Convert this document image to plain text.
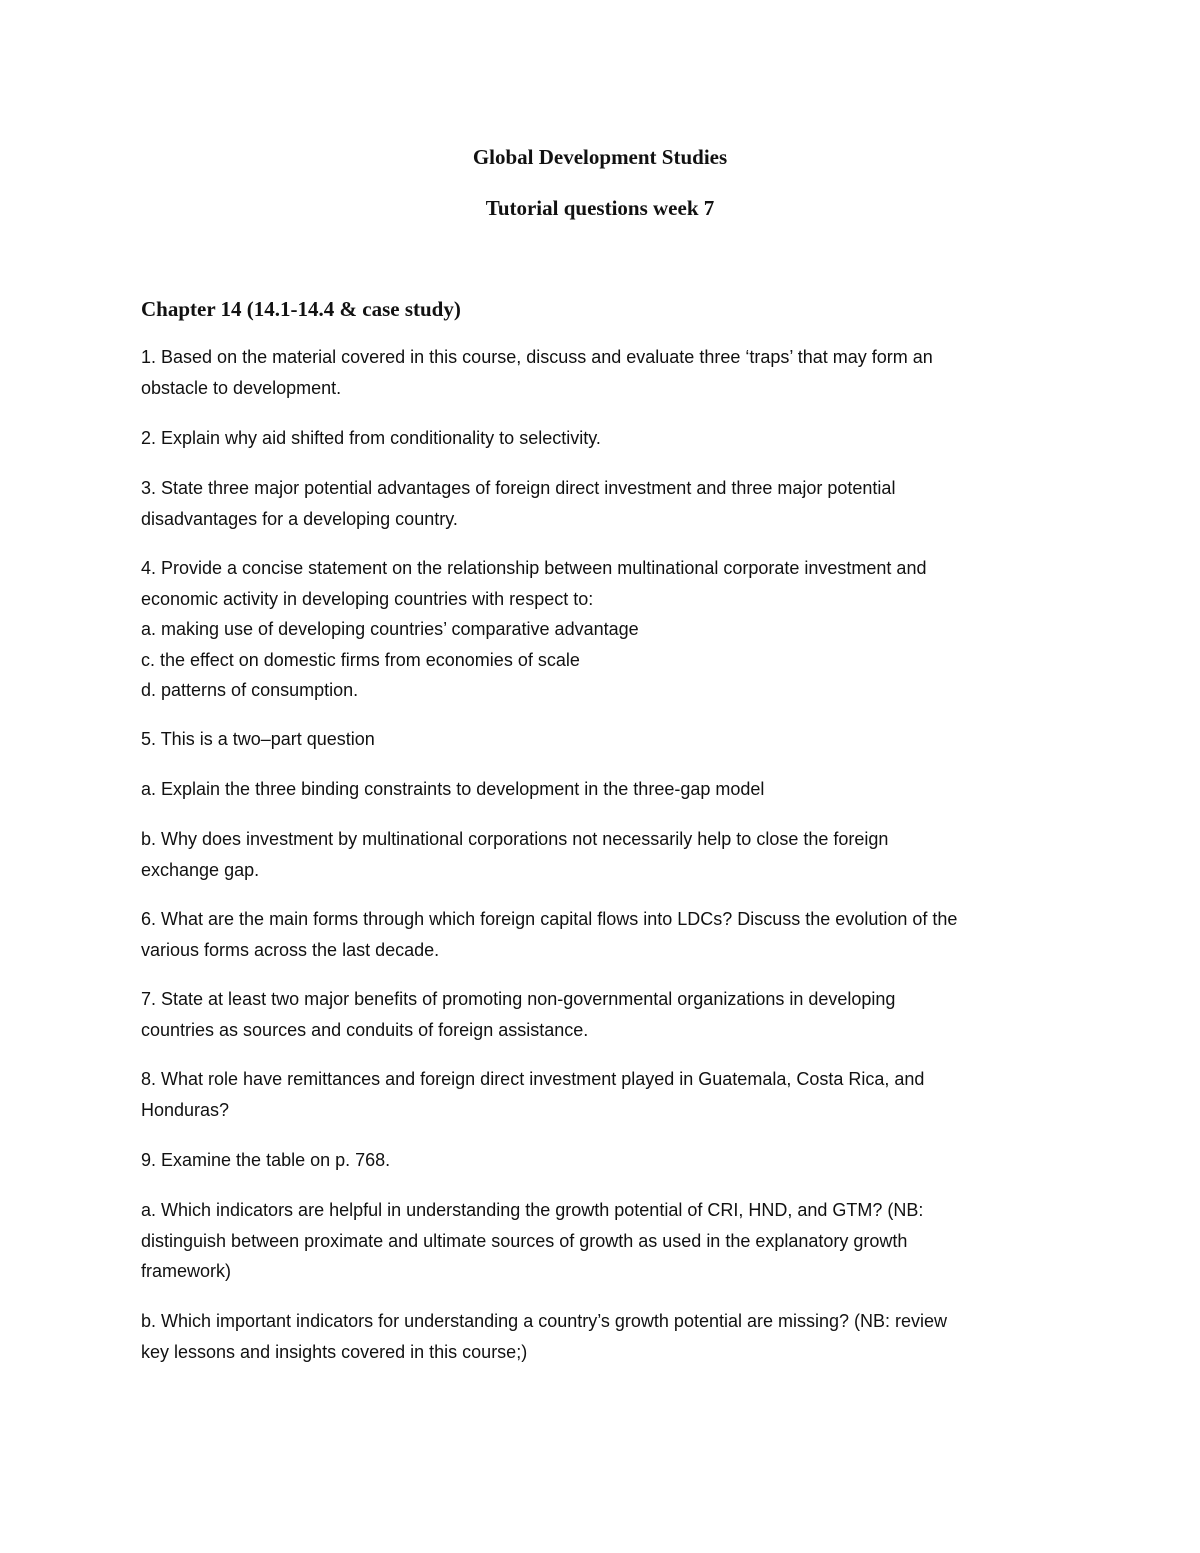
Global Development Studies
Tutorial questions week 7
Chapter 14 (14.1-14.4 & case study)
1. Based on the material covered in this course, discuss and evaluate three ‘traps’ that may form an
obstacle to development.
2. Explain why aid shifted from conditionality to selectivity.
3. State three major potential advantages of foreign direct investment and three major potential
disadvantages for a developing country.
4. Provide a concise statement on the relationship between multinational corporate investment and
economic activity in developing countries with respect to:
a. making use of developing countries’ comparative advantage
c. the effect on domestic firms from economies of scale
d. patterns of consumption.
5. This is a two–part question
a. Explain the three binding constraints to development in the three-gap model
b. Why does investment by multinational corporations not necessarily help to close the foreign
exchange gap.
6. What are the main forms through which foreign capital flows into LDCs? Discuss the evolution of the
various forms across the last decade.
7. State at least two major benefits of promoting non-governmental organizations in developing
countries as sources and conduits of foreign assistance.
8. What role have remittances and foreign direct investment played in Guatemala, Costa Rica, and
Honduras?
9. Examine the table on p. 768.
a. Which indicators are helpful in understanding the growth potential of CRI, HND, and GTM? (NB:
distinguish between proximate and ultimate sources of growth as used in the explanatory growth
framework)
b. Which important indicators for understanding a country’s growth potential are missing? (NB: review
key lessons and insights covered in this course;)
